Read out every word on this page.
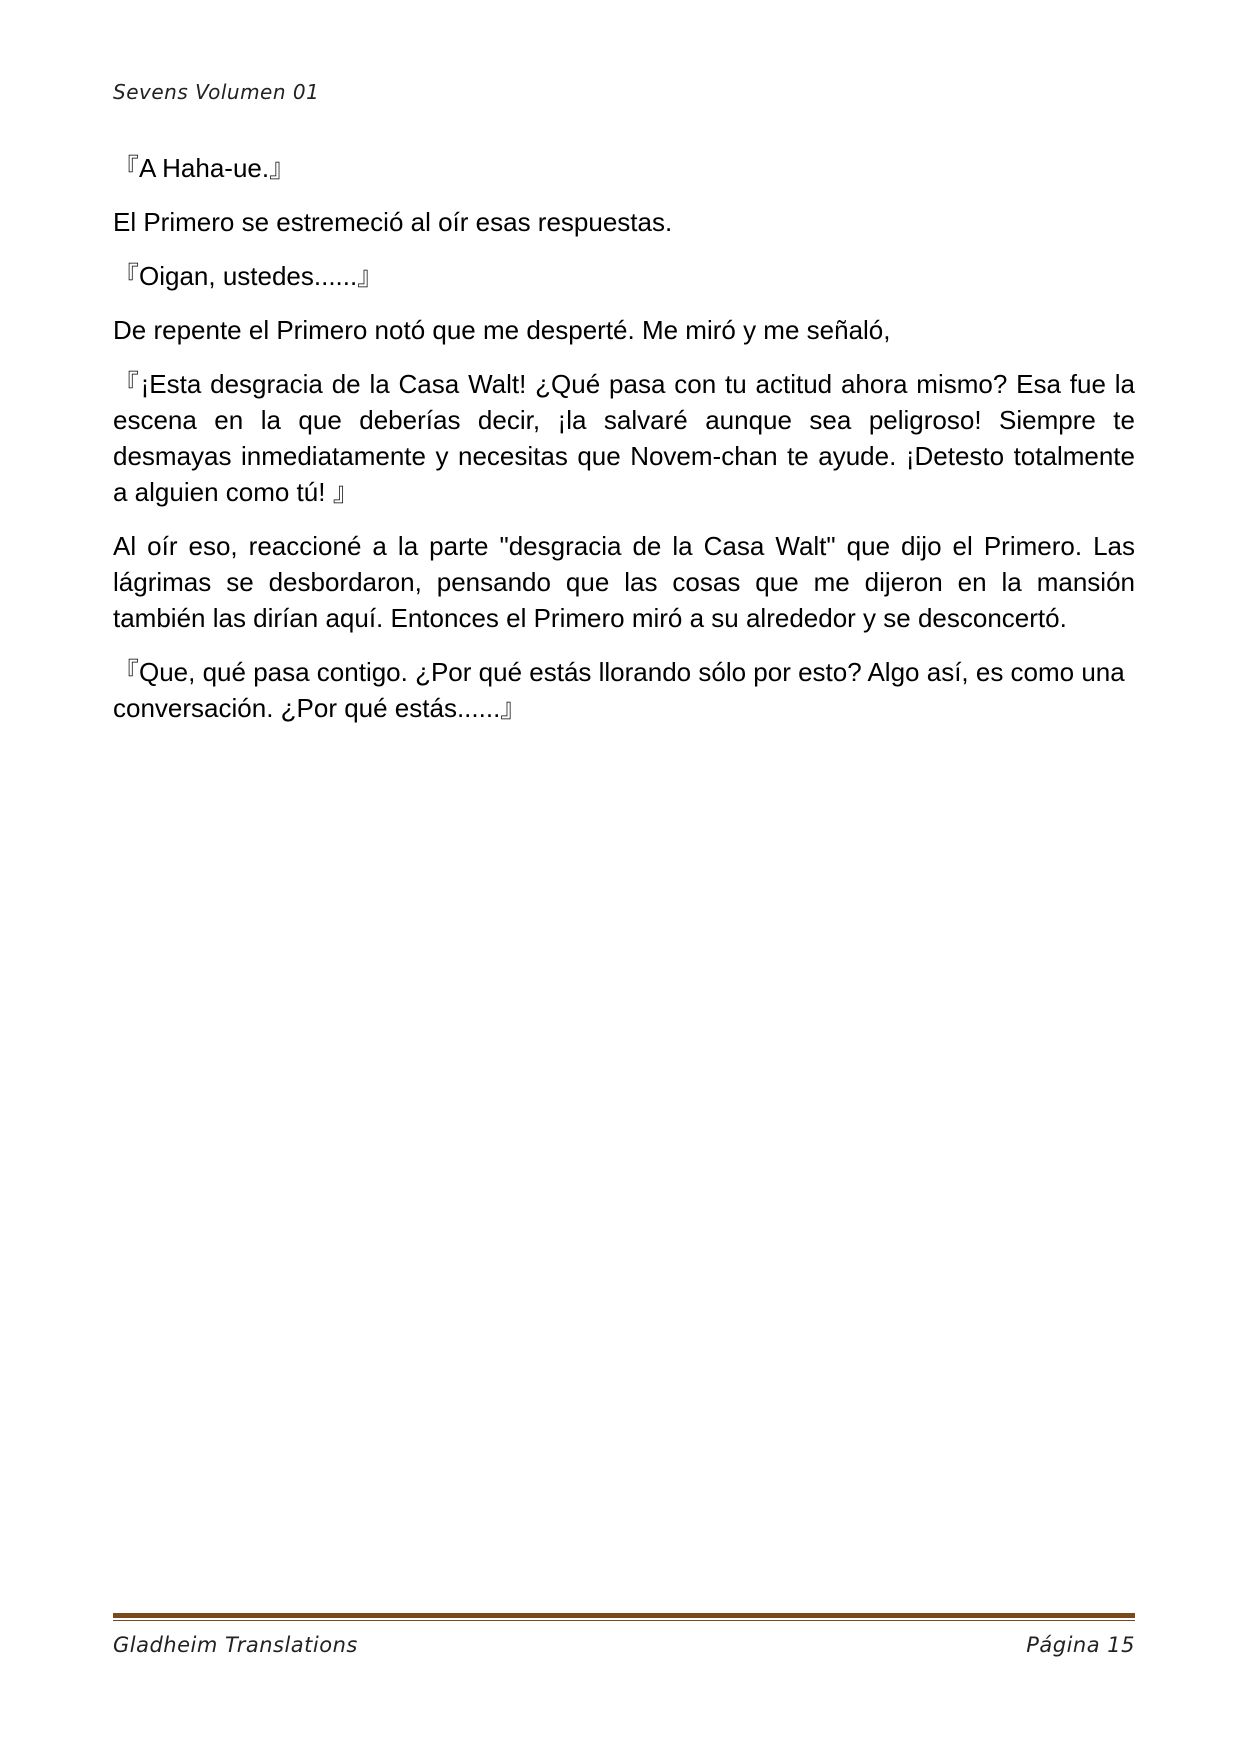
Sevens Volumen 01

『A Haha-ue.』

El Primero se estremeció al oír esas respuestas.

『Oigan, ustedes......』

De repente el Primero notó que me desperté. Me miró y me señaló,

『¡Esta desgracia de la Casa Walt! ¿Qué pasa con tu actitud ahora mismo? Esa fue la escena en la que deberías decir, ¡la salvaré aunque sea peligroso! Siempre te desmayas inmediatamente y necesitas que Novem-chan te ayude. ¡Detesto totalmente a alguien como tú! 』

Al oír eso, reaccioné a la parte "desgracia de la Casa Walt" que dijo el Primero. Las lágrimas se desbordaron, pensando que las cosas que me dijeron en la mansión también las dirían aquí. Entonces el Primero miró a su alrededor y se desconcertó.

『Que, qué pasa contigo. ¿Por qué estás llorando sólo por esto? Algo así, es como una conversación. ¿Por qué estás......』

Gladheim Translations	Página 15
